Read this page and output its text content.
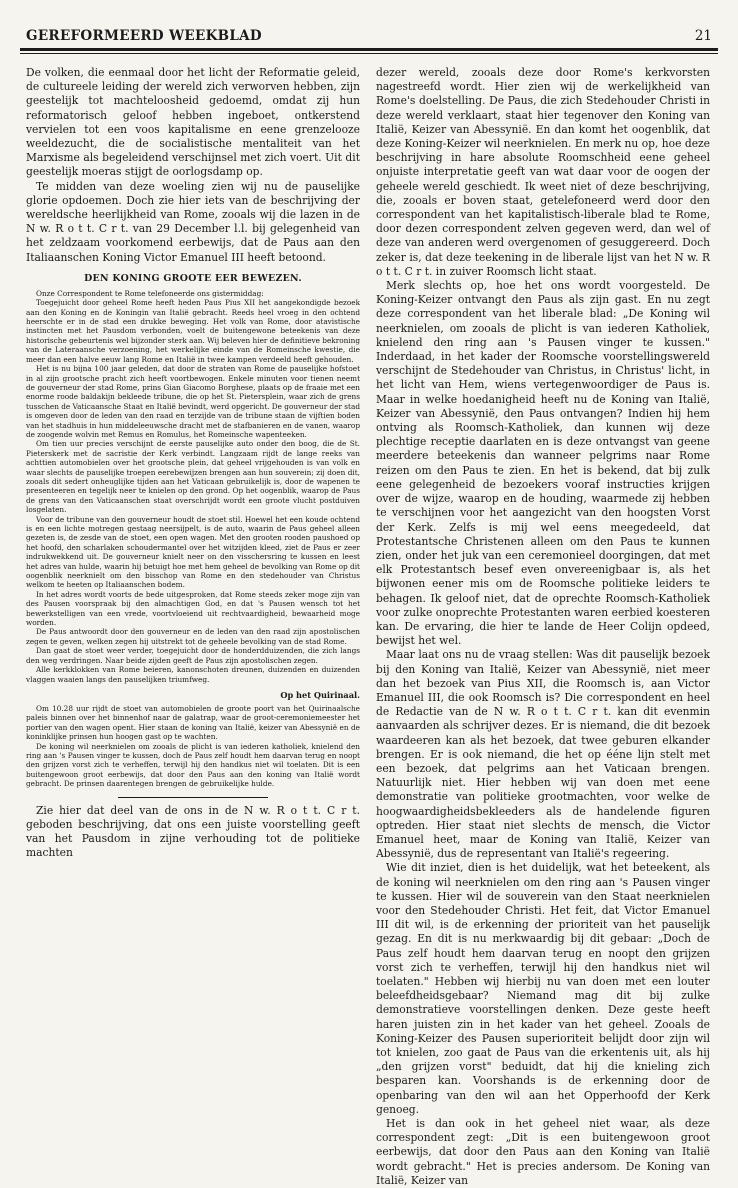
GEREFORMEERD WEEKBLAD	21

De volken, die eenmaal door het licht der Reformatie geleid, de cultureele leiding der wereld zich verworven hebben, zijn geestelijk tot machteloosheid gedoemd, omdat zij hun reformatorisch geloof hebben ingeboet, ontkerstend vervielen tot een voos kapitalisme en eene grenzelooze weeldezucht, die de socialistische mentaliteit van het Marxisme als begeleidend verschijnsel met zich voert. Uit dit geestelijk moeras stijgt de oorlogsdamp op.

Te midden van deze woeling zien wij nu de pauselijke glorie opdoemen. Doch zie hier iets van de beschrijving der wereldsche heerlijkheid van Rome, zooals wij die lazen in de N w. R o t t. C r t. van 29 December l.l. bij gelegenheid van het zeldzaam voorkomend eerbewijs, dat de Paus aan den Italiaanschen Koning Victor Emanuel III heeft betoond.

DEN KONING GROOTE EER BEWEZEN.

Onze Correspondent te Rome telefoneerde ons gistermiddag:

Toegejuicht door geheel Rome heeft heden Paus Pius XII het aangekondigde bezoek aan den Koning en de Koningin van Italië gebracht. Reeds heel vroeg in den ochtend heerschte er in de stad een drukke beweging. Het volk van Rome, door atavistische instincten met het Pausdom verbonden, voelt de buitengewone beteekenis van deze historische gebeurtenis wel bijzonder sterk aan. Wij beleven hier de definitieve bekroning van de Lateraansche verzoening, het werkelijke einde van de Romeinsche kwestie, die meer dan een halve eeuw lang Rome en Italië in twee kampen verdeeld heeft gehouden.

Het is nu bijna 100 jaar geleden, dat door de straten van Rome de pauselijke hofstoet in al zijn grootsche pracht zich heeft voortbewogen. Enkele minuten voor tienen neemt de gouverneur der stad Rome, prins Gian Giacomo Borghese, plaats op de fraaie met een enorme roode baldakijn bekleede tribune, die op het St. Pietersplein, waar zich de grens tusschen de Vaticaansche Staat en Italië bevindt, werd opgericht. De gouverneur der stad is omgeven door de leden van den raad en terzijde van de tribune staan de vijftien boden van het stadhuis in hun middeleeuwsche dracht met de stafbanieren en de vanen, waarop de zoogende wolvin met Remus en Romulus, het Romeinsche wapenteeken.

Om tien uur precies verschijnt de eerste pauselijke auto onder den boog, die de St. Pieterskerk met de sacristie der Kerk verbindt. Langzaam rijdt de lange reeks van achttien automobielen over het grootsche plein, dat geheel vrijgehouden is van volk en waar slechts de pauselijke troepen eerebewijzen brengen aan hun souverein; zij doen dit, zooals dit sedert onheuglijke tijden aan het Vaticaan gebruikelijk is, door de wapenen te presenteeren en tegelijk neer te knielen op den grond. Op het oogenblik, waarop de Paus de grens van den Vaticaanschen staat overschrijdt wordt een groote vlucht postduiven losgelaten.

Voor de tribune van den gouverneur houdt de stoet stil. Hoewel het een koude ochtend is en een lichte motregen gestaag neersijpelt, is de auto, waarin de Paus geheel alleen gezeten is, de zesde van de stoet, een open wagen. Met den grooten rooden paushoed op het hoofd, den scharlaken schoudermantel over het witzijden kleed, ziet de Paus er zeer indrukwekkend uit. De gouverneur knielt neer on den visschersring te kussen en leest het adres van hulde, waarin hij betuigt hoe met hem geheel de bevolking van Rome op dit oogenblik neerknielt om den bisschop van Rome en den stedehouder van Christus welkom te heeten op Italiaanschen bodem.

In het adres wordt voorts de bede uitgesproken, dat Rome steeds zeker moge zijn van des Pausen voorspraak bij den almachtigen God, en dat 's Pausen wensch tot het bewerkstelligen van een vrede, voortvloeiend uit rechtvaardigheid, bewaarheid moge worden.

De Paus antwoordt door den gouverneur en de leden van den raad zijn apostolischen zegen te geven, welken zegen hij uitstrekt tot de geheele bevolking van de stad Rome.

Dan gaat de stoet weer verder, toegejuicht door de honderdduizenden, die zich langs den weg verdringen. Naar beide zijden geeft de Paus zijn apostolischen zegen.

Alle kerkklokken van Rome beieren, kanonschoten dreunen, duizenden en duizenden vlaggen waaien langs den pauselijken triumfweg.

Op het Quirinaal.

Om 10.28 uur rijdt de stoet van automobielen de groote poort van het Quirinaalsche paleis binnen over het binnenhof naar de galatrap, waar de groot-ceremoniemeester het portier van den wagen opent. Hier staan de koning van Italië, keizer van Abessynië en de koninklijke prinsen hun hoogen gast op te wachten.

De koning wil neerknielen om zooals de plicht is van iederen katholiek, knielend den ring aan 's Pausen vinger te kussen, doch de Paus zelf houdt hem daarvan terug en noopt den grijzen vorst zich te verheffen, terwijl hij den handkus niet wil toelaten. Dit is een buitengewoon groot eerbewijs, dat door den Paus aan den koning van Italië wordt gebracht. De prinsen daarentegen brengen de gebruikelijke hulde.

Zie hier dat deel van de ons in de N w. R o t t. C r t. geboden beschrijving, dat ons een juiste voorstelling geeft van het Pausdom in zijne verhouding tot de politieke machten

dezer wereld, zooals deze door Rome's kerkvorsten nagestreefd wordt. Hier zien wij de werkelijkheid van Rome's doelstelling. De Paus, die zich Stedehouder Christi in deze wereld verklaart, staat hier tegenover den Koning van Italië, Keizer van Abessynië. En dan komt het oogenblik, dat deze Koning-Keizer wil neerknielen. En merk nu op, hoe deze beschrijving in hare absolute Roomschheid eene geheel onjuiste interpretatie geeft van wat daar voor de oogen der geheele wereld geschiedt. Ik weet niet of deze beschrijving, die, zooals er boven staat, getelefoneerd werd door den correspondent van het kapitalistisch-liberale blad te Rome, door dezen correspondent zelven gegeven werd, dan wel of deze van anderen werd overgenomen of gesuggereerd. Doch zeker is, dat deze teekening in de liberale lijst van het N w. R o t t. C r t. in zuiver Roomsch licht staat.

Merk slechts op, hoe het ons wordt voorgesteld. De Koning-Keizer ontvangt den Paus als zijn gast. En nu zegt deze correspondent van het liberale blad: „De Koning wil neerknielen, om zooals de plicht is van iederen Katholiek, knielend den ring aan 's Pausen vinger te kussen." Inderdaad, in het kader der Roomsche voorstellingswereld verschijnt de Stedehouder van Christus, in Christus' licht, in het licht van Hem, wiens vertegenwoordiger de Paus is. Maar in welke hoedanigheid heeft nu de Koning van Italië, Keizer van Abessynië, den Paus ontvangen? Indien hij hem ontving als Roomsch-Katholiek, dan kunnen wij deze plechtige receptie daarlaten en is deze ontvangst van geene meerdere beteekenis dan wanneer pelgrims naar Rome reizen om den Paus te zien. En het is bekend, dat bij zulk eene gelegenheid de bezoekers vooraf instructies krijgen over de wijze, waarop en de houding, waarmede zij hebben te verschijnen voor het aangezicht van den hoogsten Vorst der Kerk. Zelfs is mij wel eens meegedeeld, dat Protestantsche Christenen alleen om den Paus te kunnen zien, onder het juk van een ceremonieel doorgingen, dat met elk Protestantsch besef even onvereenigbaar is, als het bijwonen eener mis om de Roomsche politieke leiders te behagen. Ik geloof niet, dat de oprechte Roomsch-Katholiek voor zulke onoprechte Protestanten waren eerbied koesteren kan. De ervaring, die hier te lande de Heer Colijn opdeed, bewijst het wel.

Maar laat ons nu de vraag stellen: Was dit pauselijk bezoek bij den Koning van Italië, Keizer van Abessynië, niet meer dan het bezoek van Pius XII, die Roomsch is, aan Victor Emanuel III, die ook Roomsch is? Die correspondent en heel de Redactie van de N w. R o t t. C r t. kan dit evenmin aanvaarden als schrijver dezes. Er is niemand, die dit bezoek waardeeren kan als het bezoek, dat twee geburen elkander brengen. Er is ook niemand, die het op ééne lijn stelt met een bezoek, dat pelgrims aan het Vaticaan brengen. Natuurlijk niet. Hier hebben wij van doen met eene demonstratie van politieke grootmachten, voor welke de hoogwaardigheidsbekleeders als de handelende figuren optreden. Hier staat niet slechts de mensch, die Victor Emanuel heet, maar de Koning van Italië, Keizer van Abessynië, dus de representant van Italië's regeering.

Wie dit inziet, dien is het duidelijk, wat het beteekent, als de koning wil neerknielen om den ring aan 's Pausen vinger te kussen. Hier wil de souverein van den Staat neerknielen voor den Stedehouder Christi. Het feit, dat Victor Emanuel III dit wil, is de erkenning der prioriteit van het pauselijk gezag. En dit is nu merkwaardig bij dit gebaar: „Doch de Paus zelf houdt hem daarvan terug en noopt den grijzen vorst zich te verheffen, terwijl hij den handkus niet wil toelaten." Hebben wij hierbij nu van doen met een louter beleefdheidsgebaar? Niemand mag dit bij zulke demonstratieve voorstellingen denken. Deze geste heeft haren juisten zin in het kader van het geheel. Zooals de Koning-Keizer des Pausen superioriteit belijdt door zijn wil tot knielen, zoo gaat de Paus van die erkentenis uit, als hij „den grijzen vorst" beduidt, dat hij die knieling zich besparen kan. Voorshands is de erkenning door de openbaring van den wil aan het Opperhoofd der Kerk genoeg.

Het is dan ook in het geheel niet waar, als deze correspondent zegt: „Dit is een buitengewoon groot eerbewijs, dat door den Paus aan den Koning van Italië wordt gebracht." Het is precies andersom. De Koning van Italië, Keizer van
